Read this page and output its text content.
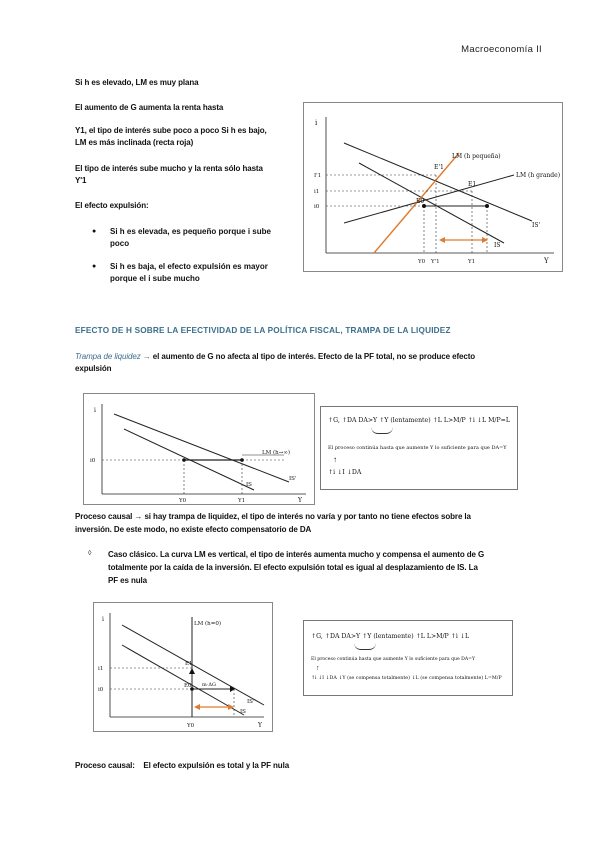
Macroeconomía II
Si h es elevado, LM es muy plana
El aumento de G aumenta la renta hasta
Y1, el tipo de interés sube poco a poco Si h es bajo,
LM es más inclinada (recta roja)
El tipo de interés sube mucho y la renta sólo hasta
Y'1
El efecto expulsión:
● Si h es elevada, es pequeño porque i sube
poco
● Si h es baja, el efecto expulsión es mayor
porque el i sube mucho
i
Y
LM (h pequeña)
LM (h grande)
IS'
IS
E'1
E1
E0
I'1
i1
i0
Y0 Y'1	Y1
EFECTO DE H SOBRE LA EFECTIVIDAD DE LA POLÍTICA FISCAL, TRAMPA DE LA LIQUIDEZ
Trampa de liquidez → el aumento de G no afecta al tipo de interés. Efecto de la PF total, no se produce efecto
expulsión
i
Y
LM (h→∞)
IS'
IS
i0
Y0	Y1
↑G, ↑DA DA>Y ↑Y (lentamente) ↑L L>M/P ↑i ↓L M/P=L
El proceso continúa hasta que aumente Y lo suficiente para que DA=Y
↑
↑i ↓I ↓DA
Proceso causal → si hay trampa de liquidez, el tipo de interés no varía y por tanto no tiene efectos sobre la
inversión. De este modo, no existe efecto compensatorio de DA
◊ Caso clásico. La curva LM es vertical, el tipo de interés aumenta mucho y compensa el aumento de G
totalmente por la caída de la inversión. El efecto expulsión total es igual al desplazamiento de IS. La
PF es nula
i
Y
LM (h=0)
IS'
IS
i1
i0
Y0
E1
E0 m·ΔG
↑G, ↑DA DA>Y ↑Y (lentamente) ↑L L>M/P ↑i ↓L
El proceso continúa hasta que aumente Y lo suficiente para que DA=Y
↑
↑i ↓I ↓DA ↓Y (se compensa totalmente) ↓L (se compensa totalmente) L=M/P
Proceso causal:    El efecto expulsión es total y la PF nula
